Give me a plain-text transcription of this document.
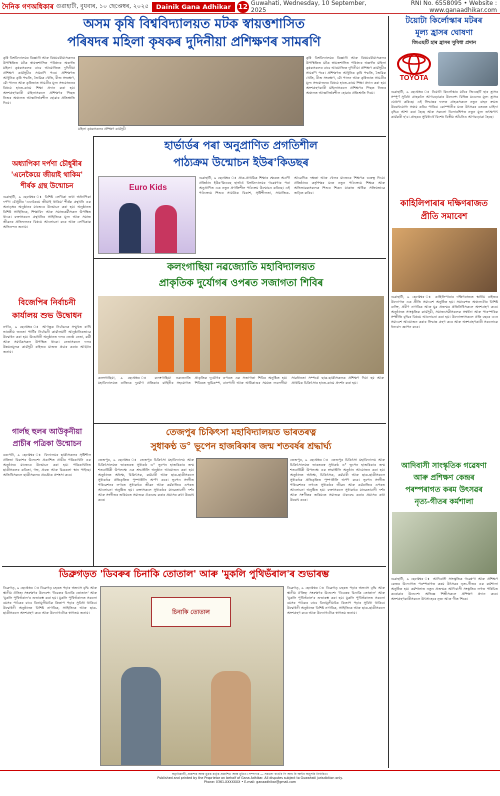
দৈনিক গণঅধিকাৰ গুৱাহাটী, বুধবাৰ, ১০ ছেপ্তেম্বৰ, ২০২৫	Dainik Gana Adhikar	12 Guwahati, Wednesday, 10 September, 2025
RNI No. 6558095 • Website : www.ganaadhikar.com
অসম কৃষি বিশ্ববিদ্যালয়ত মটক স্বায়ত্তশাসিত
পৰিষদৰ মহিলা কৃষকৰ দুদিনীয়া প্ৰশিক্ষণৰ সামৰণি
কৃষি বিশ্ববিদ্যালয়ৰ বিজ্ঞানী আৰু বিষয়ববীয়াসকলৰ উপস্থিতিত মটক স্বায়ত্তশাসিত পৰিষদৰ অন্তৰ্গত মহিলা কৃষকসকলৰ বাবে আয়োজিত দুদিনীয়া প্ৰশিক্ষণ কাৰ্যসূচীৰ সামৰণি পৰে। প্ৰশিক্ষণত আধুনিক কৃষি পদ্ধতি, জৈৱিক খেতি, বীজ সংৰক্ষণ, মৌ পালন আৰু কৃষিজাত সামগ্ৰীৰ মূল্য সংযোজনৰ বিষয়ে হাতে-কামে শিক্ষা প্ৰদান কৰা হয়। অংশগ্ৰহণকাৰী মহিলাসকলে প্ৰশিক্ষণৰ পিছত নিজৰ অঞ্চলত আত্মনিৰ্ভৰশীল হোৱাৰ প্ৰতিশ্ৰুতি দিয়ে।
মহিলা কৃষকসকলৰ প্ৰশিক্ষণ কাৰ্যসূচী
কৃষি বিশ্ববিদ্যালয়ৰ বিজ্ঞানী আৰু বিষয়ববীয়াসকলৰ উপস্থিতিত মটক স্বায়ত্তশাসিত পৰিষদৰ অন্তৰ্গত মহিলা কৃষকসকলৰ বাবে আয়োজিত দুদিনীয়া প্ৰশিক্ষণ কাৰ্যসূচীৰ সামৰণি পৰে। প্ৰশিক্ষণত আধুনিক কৃষি পদ্ধতি, জৈৱিক খেতি, বীজ সংৰক্ষণ, মৌ পালন আৰু কৃষিজাত সামগ্ৰীৰ মূল্য সংযোজনৰ বিষয়ে হাতে-কামে শিক্ষা প্ৰদান কৰা হয়। অংশগ্ৰহণকাৰী মহিলাসকলে প্ৰশিক্ষণৰ পিছত নিজৰ অঞ্চলত আত্মনিৰ্ভৰশীল হোৱাৰ প্ৰতিশ্ৰুতি দিয়ে।
টয়োটা কিৰ্লোস্কাৰ মটৰৰ
মূল্য হ্ৰাসৰ ঘোষণা
জিএছটি হাৰ হ্ৰাসৰ সুবিধা প্ৰদান
TOYOTA
গুৱাহাটী, ৯ ছেপ্তেম্বৰ ঃ টয়োটা কিৰ্লোস্কাৰ মটৰে জিএছটি হাৰ হ্ৰাসৰ সম্পূৰ্ণ সুবিধা গ্ৰাহকলৈ আগবঢ়োৱাৰ উদ্দেশ্যে বিভিন্ন মডেলৰ মূল্য হ্ৰাসৰ ঘোষণা কৰিছে। এই সিদ্ধান্তৰ ফলত গ্ৰাহকসকলে নতুন বাহন ক্ৰয়ত উল্লেখযোগ্য সঞ্চয় কৰিব পাৰিব। কোম্পানীৰ মতে উৎসৱৰ বতৰত চাহিদা বৃদ্ধিৰ আশা কৰা হৈছে আৰু সকলো ডিলাৰশ্বিপত নতুন মূল্য তৎক্ষণাৎ কাৰ্যকৰী হ'ব। গ্ৰাহকৰ সুবিধাৰ্থে বিশেষ বিত্তীয় আঁচনিও আগবঢ়োৱা হৈছে।
কাহিলিপাৰাৰ দক্ষিণৰাজত
প্ৰীতি সমাবেশ
গুৱাহাটী, ৯ ছেপ্তেম্বৰ ঃ কাহিলিপাৰাৰ দক্ষিণৰাজত স্থানীয় ৰাইজৰ উদ্যোগত এক প্ৰীতি সমাবেশ অনুষ্ঠিত হয়। সমাবেশত অঞ্চলটোৰ বিশিষ্ট ব্যক্তি, প্ৰবীণ নাগৰিক আৰু যুৱ প্ৰজন্মৰ প্ৰতিনিধিসকলে অংশগ্ৰহণ কৰে। অনুষ্ঠানত সাংস্কৃতিক কাৰ্যসূচী, সমাজসেৱীসকলক সম্বৰ্ধনা আৰু পাৰস্পৰিক সম্প্ৰীতি বৃদ্ধিৰ বিষয়ে আলোচনা কৰা হয়। উদ্যোক্তাসকলে প্ৰতি বছৰে এনে সমাবেশ আয়োজন কৰাৰ সিদ্ধান্ত গ্ৰহণ কৰে আৰু অংশগ্ৰহণকাৰী সকলোকে ধন্যবাদ জ্ঞাপন কৰে।
আদিবাসী সাংস্কৃতিক গৱেষণা
আৰু প্ৰশিক্ষণ কেন্দ্ৰৰ
পৰম্পৰাগত কৰম উৎসৱৰ
নৃত্য-গীতৰ কৰ্মশালা
গুৱাহাটী, ৯ ছেপ্তেম্বৰ ঃ আদিবাসী সাংস্কৃতিক গৱেষণা আৰু প্ৰশিক্ষণ কেন্দ্ৰৰ উদ্যোগত পৰম্পৰাগত কৰম উৎসৱৰ নৃত্য-গীতৰ এক কৰ্মশালা অনুষ্ঠিত হয়। কৰ্মশালাত নতুন প্ৰজন্মক আদিবাসী সংস্কৃতিৰ লগত পৰিচিত কৰোৱাৰ উদ্দেশ্যে অভিজ্ঞ শিল্পীসকলে প্ৰশিক্ষণ প্ৰদান কৰে। অংশগ্ৰহণকাৰীসকলে উৎসাহেৰে নৃত্য আৰু গীত শিকে।
অধ্যাপিকা দৰ্পণা চৌধুৰীৰ
'এনেকৈয়ে জীয়াই থাকিম'
শীৰ্ষক গ্ৰন্থ উন্মোচন
গুৱাহাটী, ৯ ছেপ্তেম্বৰ ঃ বিশিষ্ট লেখিকা তথা অধ্যাপিকা দৰ্পণা চৌধুৰীৰ 'এনেকৈয়ে জীয়াই থাকিম' শীৰ্ষক গ্ৰন্থখনি এক অনাড়ম্বৰ অনুষ্ঠানৰ মাজেৰে উন্মোচন কৰা হয়। অনুষ্ঠানত বিশিষ্ট সাহিত্যিক, শিক্ষাবিদ আৰু সমাজকৰ্মীসকল উপস্থিত থাকে। বক্তাসকলে গ্ৰন্থখনিৰ সাহিত্যিক মূল্য আৰু সমাজ জীৱনৰ প্ৰতিফলনৰ বিষয়ে আলোচনা কৰে আৰু লেখিকাক অভিনন্দন জনায়।
হাৰ্ভাৰ্ডৰ পৰা অনুপ্ৰাণিত প্ৰগতিশীল
পাঠ্যক্ৰম উন্মোচন ইউৰ'কিডছৰ
Euro Kids
গুৱাহাটী, ৯ ছেপ্তেম্বৰ ঃ প্ৰাক-প্ৰাথমিক শিক্ষাৰ ক্ষেত্ৰত অগ্ৰণী প্ৰতিষ্ঠান ইউৰ'কিডছে হাৰ্ভাৰ্ড বিশ্ববিদ্যালয়ৰ গৱেষণাৰ পৰা অনুপ্ৰাণিত এক নতুন প্ৰগতিশীল পাঠ্যক্ৰম উন্মোচন কৰিছে। এই পাঠ্যক্ৰমে শিশুৰ সামগ্ৰিক বিকাশ, সৃষ্টিশীলতা, সামাজিক-আৱেগিক দক্ষতা আৰু খেলৰ মাজেৰে শিক্ষণক গুৰুত্ব দিয়ে। প্ৰতিষ্ঠানৰ কৰ্তৃপক্ষৰ মতে নতুন পাঠ্যক্ৰমে শিক্ষক আৰু অভিভাৱকসকলক শিশুৰ শিকন যাত্ৰাত অধিক সক্ৰিয়ভাৱে জড়িত কৰিব।
বিজেপিৰ নিৰ্বাচনী
কাৰ্যালয় শুভ উদ্বোধন
নগাঁও, ৯ ছেপ্তেম্বৰ ঃ আগন্তুক নিৰ্বাচনক সন্মুখত ৰাখি ভাৰতীয় জনতা পাৰ্টিৰ নিৰ্বাচনী কাৰ্যালয়টি আনুষ্ঠানিকভাৱে উদ্বোধন কৰা হয়। উদ্বোধনী অনুষ্ঠানত দলৰ জ্যেষ্ঠ নেতা, কৰ্মী আৰু সমৰ্থকসকল উপস্থিত থাকে। নেতাসকলে দলৰ উন্নয়নমূলক কাৰ্যসূচী ৰাইজৰ মাজত প্ৰচাৰ কৰাৰ আহ্বান জনায়।
কলংগাছিয়া নৱজ্যোতি মহাবিদ্যালয়ত
প্ৰাকৃতিক দুৰ্যোগৰ ওপৰত সজাগতা শিবিৰ
কলংগাছিয়া, ৯ ছেপ্তেম্বৰ ঃ কলংগাছিয়া নৱজ্যোতি মহাবিদ্যালয়ত ৰাজ্যিক দুৰ্যোগ প্ৰতিকাৰ বাহিনীৰ সহযোগত প্ৰাকৃতিক দুৰ্যোগৰ ওপৰত এক সজাগতা শিবিৰ অনুষ্ঠিত হয়। শিবিৰত ভূমিকম্প, বানপানী আৰু অগ্নিকাণ্ডৰ সময়ত লবলগীয়া সাৱধানতা সম্পৰ্কে ছাত্ৰ-ছাত্ৰীসকলক প্ৰশিক্ষণ দিয়া হয় আৰু প্ৰাথমিক চিকিৎসাৰ হাতে-কামে প্ৰদৰ্শন কৰা হয়।
গাৰ্লছ হুলৰ আউকৃনীয়া
প্ৰাচীৰ পত্ৰিকা উন্মোচন
বৰপেটা, ৯ ছেপ্তেম্বৰ ঃ বিদ্যালয়ৰ ছাত্ৰীসকলৰ সৃষ্টিশীল প্ৰতিভা বিকাশৰ উদ্দেশ্যে প্ৰকাশিত প্ৰাচীৰ পত্ৰিকাখনি এক অনুষ্ঠানৰ মাজেৰে উন্মোচন কৰা হয়। পত্ৰিকাখনিত ছাত্ৰীসকলৰ কবিতা, গল্প, প্ৰবন্ধ আৰু চিত্ৰকলা স্থান পাইছে। অতিথিসকলে ছাত্ৰীসকলৰ প্ৰচেষ্টাক প্ৰশংসা কৰে।
তেজপুৰ চিকিৎসা মহাবিদ্যালয়ত ভাৰতৰত্ন
সুধাকণ্ঠ ড° ভূপেন হাজৰিকাৰ জন্ম শতবৰ্ষৰ শ্ৰদ্ধাৰ্ঘ্য
তেজপুৰ, ৯ ছেপ্তেম্বৰ ঃ তেজপুৰ চিকিৎসা মহাবিদ্যালয় আৰু চিকিৎসালয়ত ভাৰতৰত্ন সুধাকণ্ঠ ড° ভূপেন হাজৰিকাৰ জন্ম শতবাৰ্ষিকী উপলক্ষে এক শ্ৰদ্ধাঞ্জলি অনুষ্ঠান আয়োজন কৰা হয়। অনুষ্ঠানত অধ্যক্ষ, চিকিৎসক, কৰ্মচাৰী আৰু ছাত্ৰ-ছাত্ৰীসকলে সুধাকণ্ঠৰ প্ৰতিকৃতিত পুষ্পাঞ্জলি অৰ্পণ কৰে। ভূপেন সংগীত পৰিৱেশনৰ লগতে সুধাকণ্ঠৰ জীৱন আৰু কৰ্মৰাজিৰ ওপৰত আলোচনা অনুষ্ঠিত হয়। বক্তাসকলে সুধাকণ্ঠৰ মানৱতাবাদী দৰ্শন আৰু সংগীতৰ জৰিয়তে সমাজক ঐক্যবদ্ধ কৰাৰ প্ৰয়াসৰ কথা উল্লেখ কৰে।
তেজপুৰ, ৯ ছেপ্তেম্বৰ ঃ তেজপুৰ চিকিৎসা মহাবিদ্যালয় আৰু চিকিৎসালয়ত ভাৰতৰত্ন সুধাকণ্ঠ ড° ভূপেন হাজৰিকাৰ জন্ম শতবাৰ্ষিকী উপলক্ষে এক শ্ৰদ্ধাঞ্জলি অনুষ্ঠান আয়োজন কৰা হয়। অনুষ্ঠানত অধ্যক্ষ, চিকিৎসক, কৰ্মচাৰী আৰু ছাত্ৰ-ছাত্ৰীসকলে সুধাকণ্ঠৰ প্ৰতিকৃতিত পুষ্পাঞ্জলি অৰ্পণ কৰে। ভূপেন সংগীত পৰিৱেশনৰ লগতে সুধাকণ্ঠৰ জীৱন আৰু কৰ্মৰাজিৰ ওপৰত আলোচনা অনুষ্ঠিত হয়। বক্তাসকলে সুধাকণ্ঠৰ মানৱতাবাদী দৰ্শন আৰু সংগীতৰ জৰিয়তে সমাজক ঐক্যবদ্ধ কৰাৰ প্ৰয়াসৰ কথা উল্লেখ কৰে।
ডিব্ৰুগড়ত 'ডিবৰুৰ চিনাকি তোতাল' আৰু 'মুকলি পুথিভঁৰাল'ৰ শুভাৰম্ভ
ডিব্ৰুগড়, ৯ ছেপ্তেম্বৰ ঃ ডিব্ৰুগড় চহৰত পঢ়াৰ অভ্যাস বৃদ্ধি আৰু স্থানীয় ঐতিহ্য সংৰক্ষণৰ উদ্দেশ্যে 'ডিবৰুৰ চিনাকি তোতাল' আৰু 'মুকলি পুথিভঁৰাল'ৰ শুভাৰম্ভ কৰা হয়। মুকলি পুথিভঁৰালত সকলো বয়সৰ পাঠকৰ বাবে বিনামূলীয়াকৈ কিতাপ পঢ়াৰ সুবিধা থাকিব। উদ্বোধনী অনুষ্ঠানত বিশিষ্ট নাগৰিক, সাহিত্যিক আৰু ছাত্ৰ-ছাত্ৰীসকলে অংশগ্ৰহণ কৰে আৰু উদ্যোগটোক স্বাগতম জনায়।	চিনাকি তোতাল
ডিব্ৰুগড়, ৯ ছেপ্তেম্বৰ ঃ ডিব্ৰুগড় চহৰত পঢ়াৰ অভ্যাস বৃদ্ধি আৰু স্থানীয় ঐতিহ্য সংৰক্ষণৰ উদ্দেশ্যে 'ডিবৰুৰ চিনাকি তোতাল' আৰু 'মুকলি পুথিভঁৰাল'ৰ শুভাৰম্ভ কৰা হয়। মুকলি পুথিভঁৰালত সকলো বয়সৰ পাঠকৰ বাবে বিনামূলীয়াকৈ কিতাপ পঢ়াৰ সুবিধা থাকিব। উদ্বোধনী অনুষ্ঠানত বিশিষ্ট নাগৰিক, সাহিত্যিক আৰু ছাত্ৰ-ছাত্ৰীসকলে অংশগ্ৰহণ কৰে আৰু উদ্যোগটোক স্বাগতম জনায়।
স্বত্বাধিকাৰী, প্ৰকাশক আৰু মুদ্ৰক কৰ্তৃক প্ৰকাশিত আৰু মুদ্ৰিত। সম্পাদক — সকলো বাতৰি পি আৰ বি আইন অনুসৰি নিৰ্বাচিত।
Published and printed by the Proprietor on behalf of Gana Adhikar. All disputes subject to Guwahati jurisdiction only.
Phone: 0361-XXXXXXX • E-mail: ganaadhikar@gmail.com
